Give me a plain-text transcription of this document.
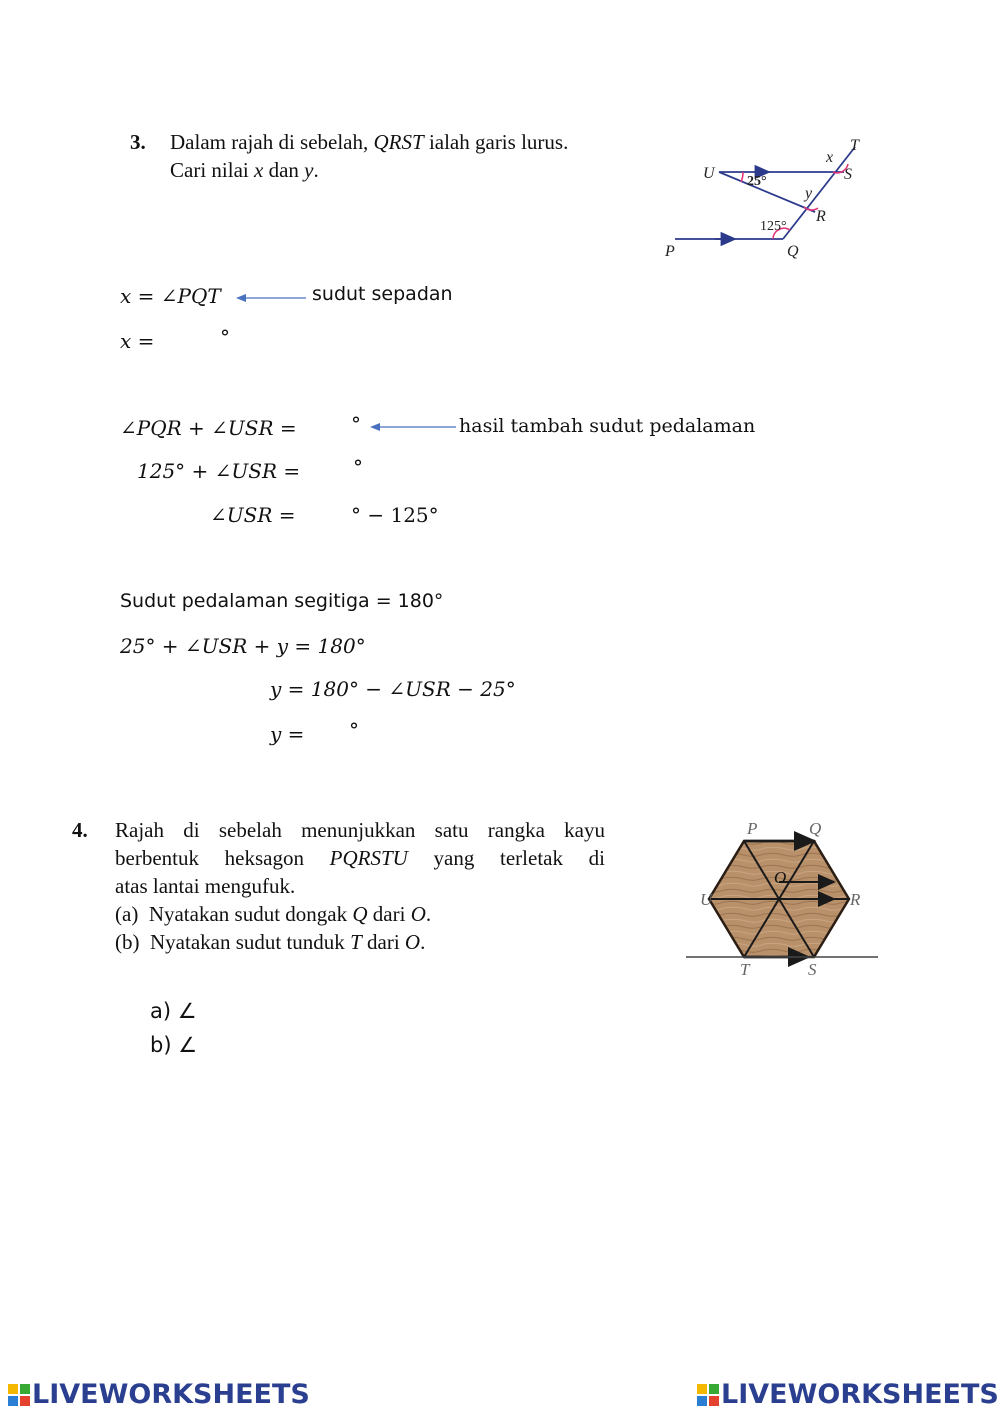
3. Dalam rajah di sebelah, QRST ialah garis lurus.
Cari nilai x dan y.
T
x
U	S
25°
y
R
125°
P	Q
x = ∠PQT	sudut sepadan
x =	°
∠PQR + ∠USR =	°	hasil tambah sudut pedalaman
125° + ∠USR =	°
∠USR =	° − 125°
Sudut pedalaman segitiga = 180°
25° + ∠USR + y = 180°
y = 180° − ∠USR − 25°
y = °
4. Rajah di sebelah menunjukkan satu rangka kayu
berbentuk heksagon PQRSTU yang terletak di
atas lantai mengufuk.
(a) Nyatakan sudut dongak Q dari O.
(b) Nyatakan sudut tunduk T dari O.
P	Q
U
O
R
T	S
a) ∠
b) ∠
LIVEWORKSHEETS	LIVEWORKSHEETS
